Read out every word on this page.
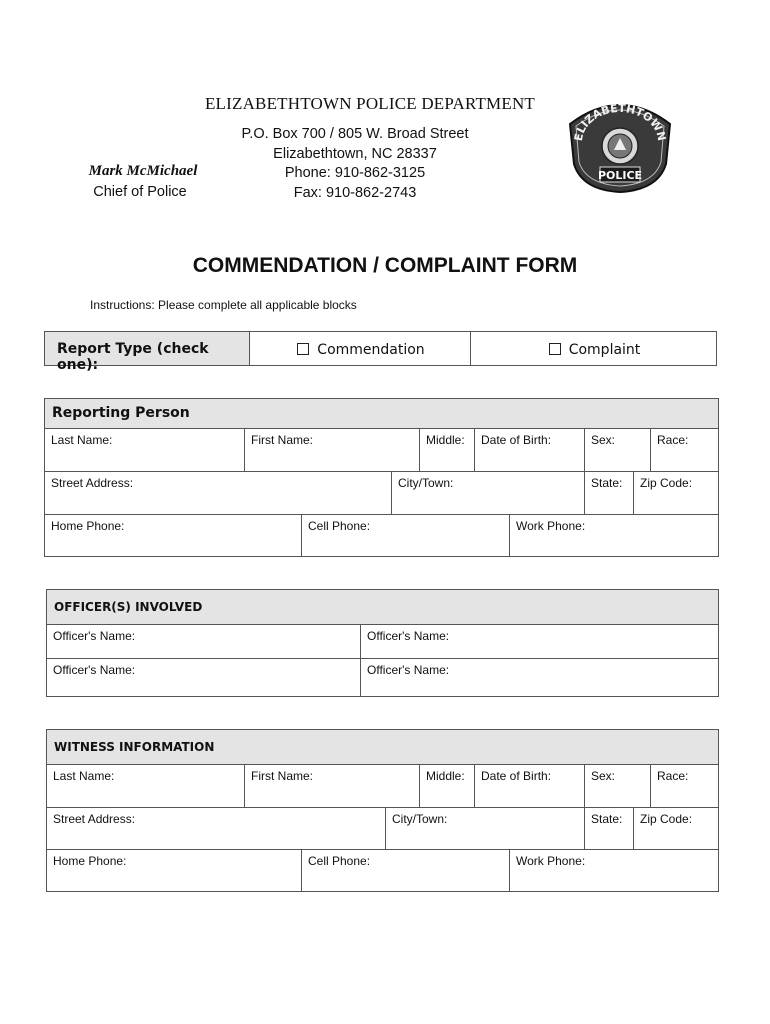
ELIZABETHTOWN POLICE DEPARTMENT
P.O. Box 700 / 805 W. Broad Street
Elizabethtown, NC 28337
Phone: 910-862-3125
Fax: 910-862-2743
Mark McMichael
Chief of Police
ELIZABETHTOWN
POLICE
COMMENDATION / COMPLAINT FORM
Instructions: Please complete all applicable blocks
Report Type (check one):
Commendation	Complaint
Reporting Person
Last Name:	First Name:	Middle: Date of Birth:	Sex:	Race:
Street Address:	City/Town:	State: Zip Code:
Home Phone:	Cell Phone:	Work Phone:
OFFICER(S) INVOLVED
Officer's Name:	Officer's Name:
Officer's Name:	Officer's Name:
WITNESS INFORMATION
Last Name:	First Name:	Middle: Date of Birth:	Sex:	Race:
Street Address:	City/Town:	State: Zip Code:
Home Phone:	Cell Phone:	Work Phone:
